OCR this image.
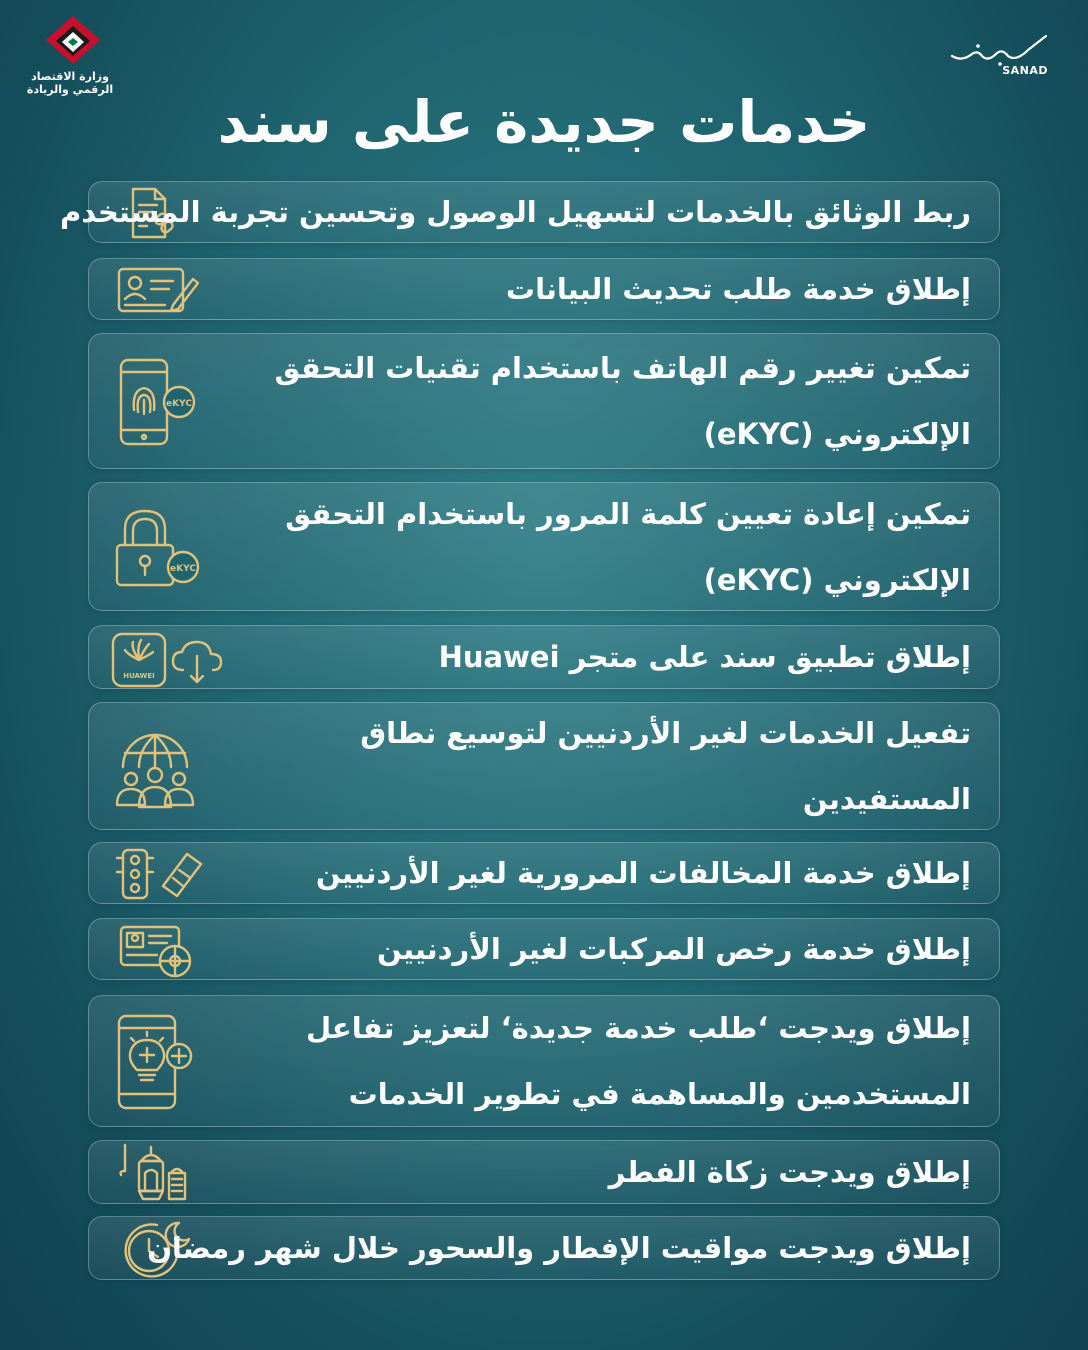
وزارة الاقتصاد
الرقمي والريادة
SANAD
خدمات جديدة على سند
ربط الوثائق بالخدمات لتسهيل الوصول وتحسين تجربة المستخدم
إطلاق خدمة طلب تحديث البيانات
eKYC
تمكين تغيير رقم الهاتف باستخدام تقنيات التحقق
الإلكتروني (eKYC)
eKYC
تمكين إعادة تعيين كلمة المرور باستخدام التحقق
الإلكتروني (eKYC)
HUAWEI
إطلاق تطبيق سند على متجر Huawei
تفعيل الخدمات لغير الأردنيين لتوسيع نطاق
المستفيدين
إطلاق خدمة المخالفات المرورية لغير الأردنيين
إطلاق خدمة رخص المركبات لغير الأردنيين
إطلاق ويدجت ‘طلب خدمة جديدة‘ لتعزيز تفاعل
المستخدمين والمساهمة في تطوير الخدمات
إطلاق ويدجت زكاة الفطر
إطلاق ويدجت مواقيت الإفطار والسحور خلال شهر رمضان
